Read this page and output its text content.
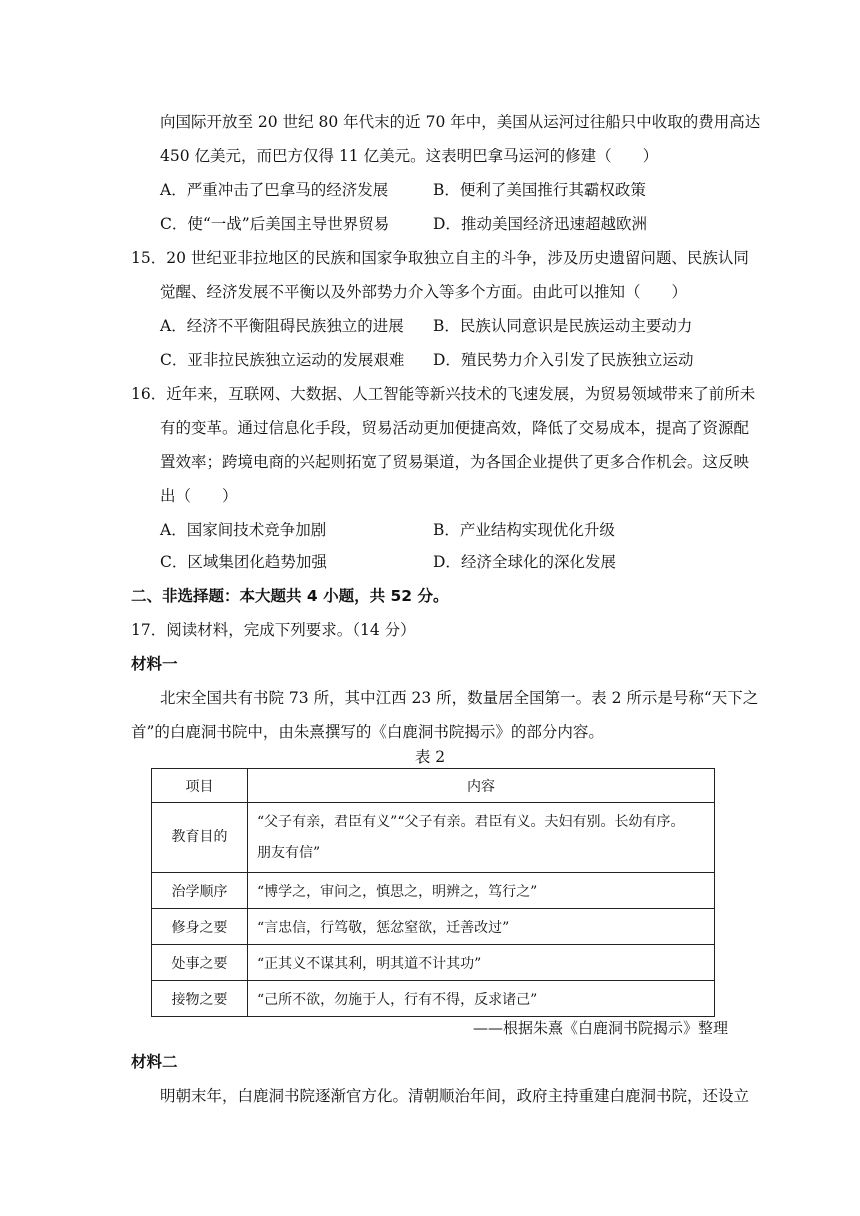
向国际开放至 20 世纪 80 年代末的近 70 年中，美国从运河过往船只中收取的费用高达
450 亿美元，而巴方仅得 11 亿美元。这表明巴拿马运河的修建（　　）
A．严重冲击了巴拿马的经济发展	B．便利了美国推行其霸权政策
C．使“一战”后美国主导世界贸易	D．推动美国经济迅速超越欧洲
15．20 世纪亚非拉地区的民族和国家争取独立自主的斗争，涉及历史遗留问题、民族认同
觉醒、经济发展不平衡以及外部势力介入等多个方面。由此可以推知（　　）
A．经济不平衡阻碍民族独立的进展 B．民族认同意识是民族运动主要动力
C．亚非拉民族独立运动的发展艰难 D．殖民势力介入引发了民族独立运动
16．近年来，互联网、大数据、人工智能等新兴技术的飞速发展，为贸易领域带来了前所未
有的变革。通过信息化手段，贸易活动更加便捷高效，降低了交易成本，提高了资源配
置效率；跨境电商的兴起则拓宽了贸易渠道，为各国企业提供了更多合作机会。这反映
出（　　）
A．国家间技术竞争加剧	B．产业结构实现优化升级
C．区域集团化趋势加强	D．经济全球化的深化发展
二、非选择题：本大题共 4 小题，共 52 分。
17．阅读材料，完成下列要求。（14 分）
材料一
北宋全国共有书院 73 所，其中江西 23 所，数量居全国第一。表 2 所示是号称“天下之
首”的白鹿洞书院中，由朱熹撰写的《白鹿洞书院揭示》的部分内容。
表 2
项目	内容
教育目的	“父子有亲，君臣有义”“父子有亲。君臣有义。夫妇有别。长幼有序。
朋友有信”

治学顺序	“博学之，审问之，慎思之，明辨之，笃行之”
修身之要	“言忠信，行笃敬，惩忿窒欲，迁善改过”
处事之要	“正其义不谋其利，明其道不计其功”
接物之要	“己所不欲，勿施于人，行有不得，反求诸己”
——根据朱熹《白鹿洞书院揭示》整理
材料二
明朝末年，白鹿洞书院逐渐官方化。清朝顺治年间，政府主持重建白鹿洞书院，还设立
